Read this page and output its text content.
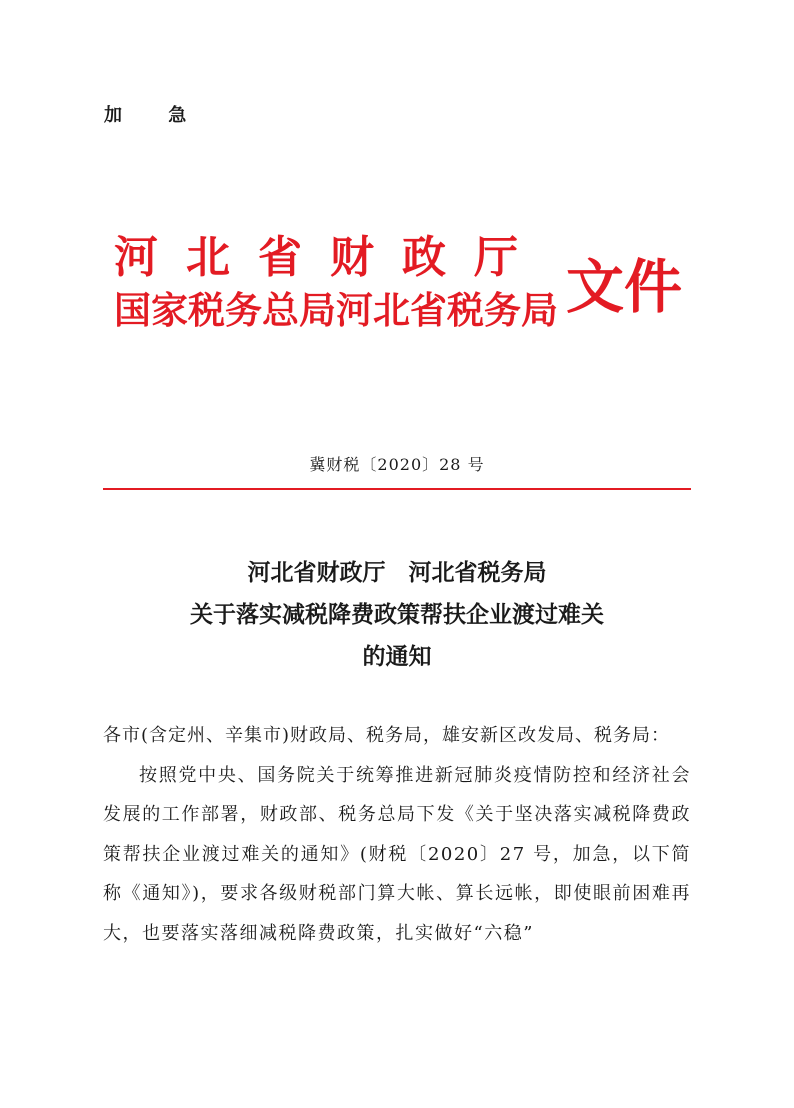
加 急
河北省财政厅
国家税务总局河北省税务局 文件
冀财税〔2020〕28 号
河北省财政厅　河北省税务局
关于落实减税降费政策帮扶企业渡过难关
的通知
各市(含定州、辛集市)财政局、税务局，雄安新区改发局、税务局：

按照党中央、国务院关于统筹推进新冠肺炎疫情防控和经济社会发展的工作部署，财政部、税务总局下发《关于坚决落实减税降费政策帮扶企业渡过难关的通知》(财税〔2020〕27 号，加急，以下简称《通知》)，要求各级财税部门算大帐、算长远帐，即使眼前困难再大，也要落实落细减税降费政策，扎实做好“六稳”
